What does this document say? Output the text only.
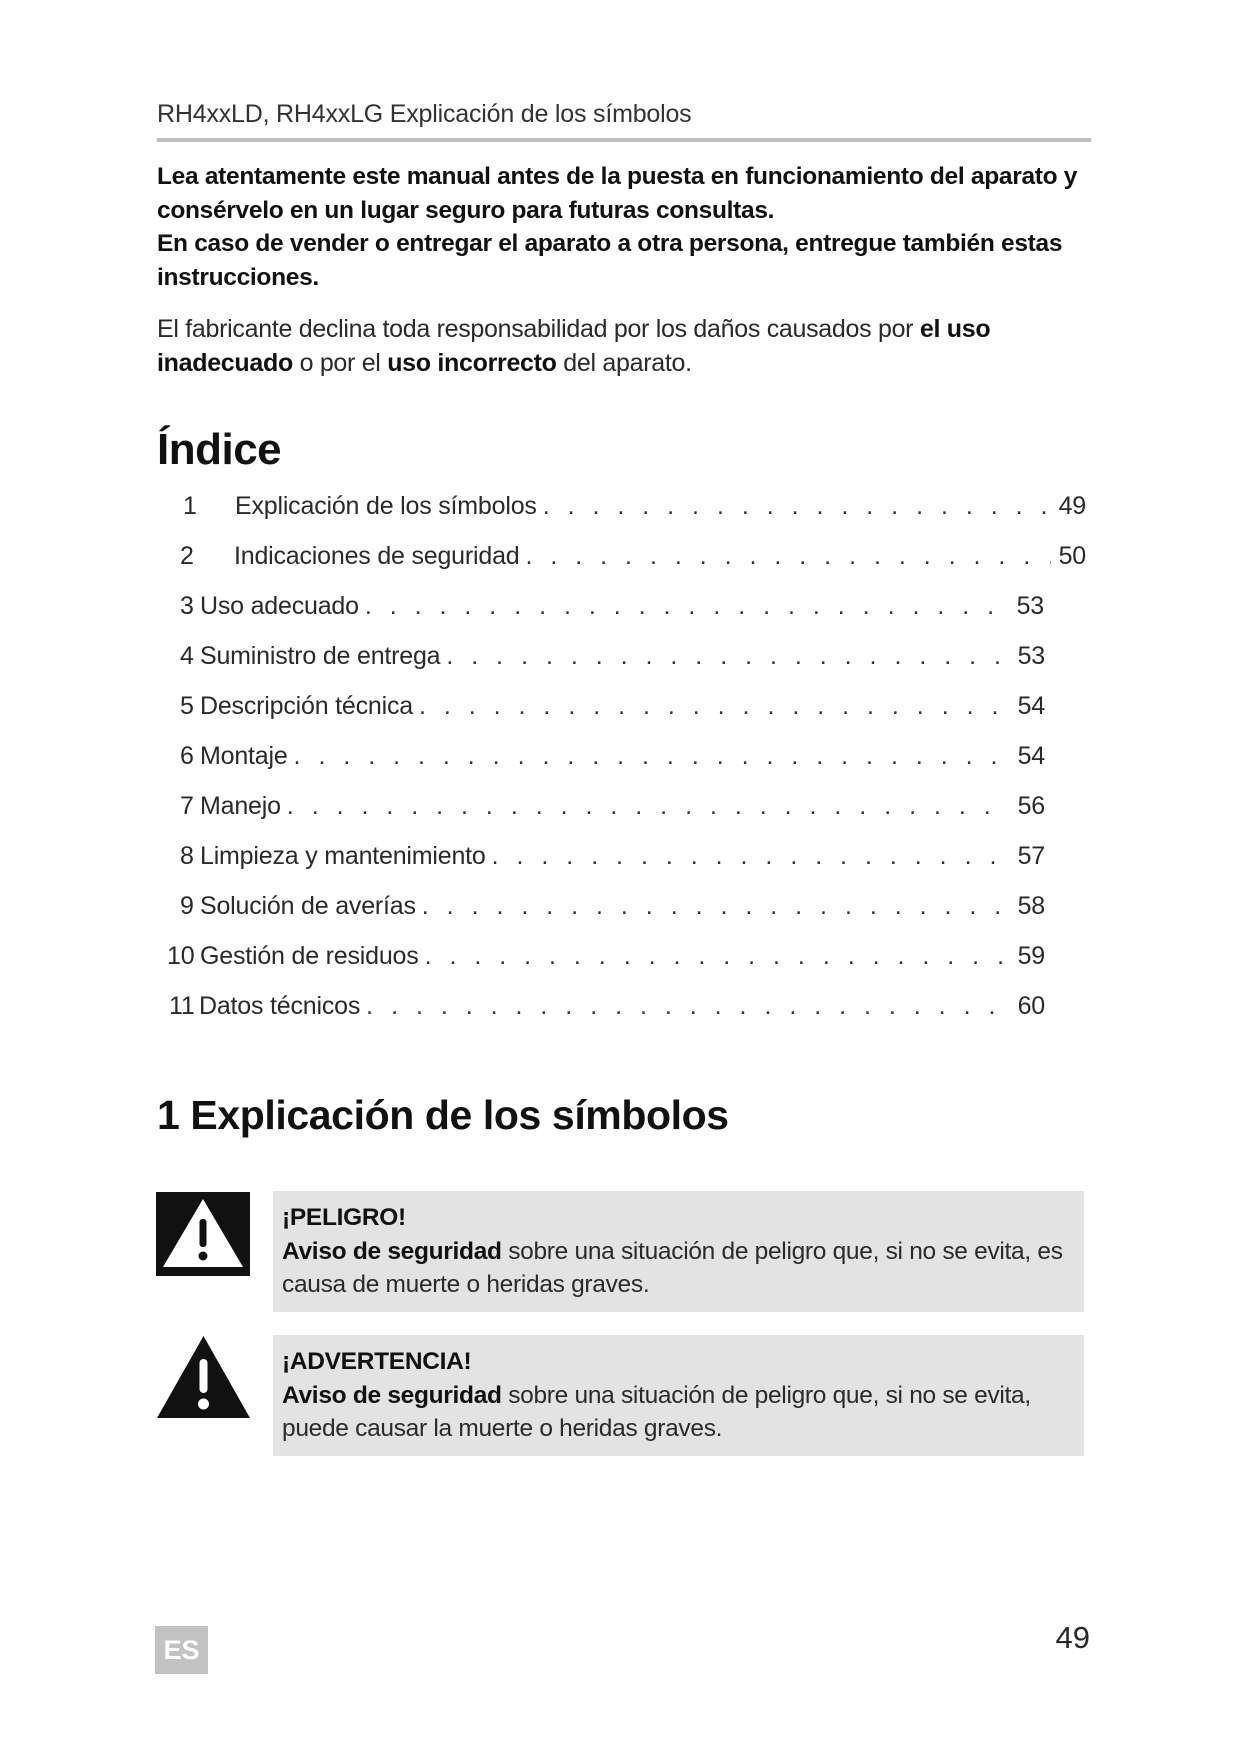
RH4xxLD, RH4xxLG Explicación de los símbolos

Lea atentamente este manual antes de la puesta en funcionamiento del aparato y consérvelo en un lugar seguro para futuras consultas.

En caso de vender o entregar el aparato a otra persona, entregue también estas instrucciones.

El fabricante declina toda responsabilidad por los daños causados por el uso inadecuado o por el uso incorrecto del aparato.

Índice
1	Explicación de los símbolos . . .	49
2	Indicaciones de seguridad . . .	50
3 Uso adecuado . . .	53
4 Suministro de entrega . . .	53
5 Descripción técnica . . .	54
6 Montaje . . .	54
7 Manejo . . .	56
8 Limpieza y mantenimiento . . .	57
9 Solución de averías . . .	58
10 Gestión de residuos . . .	59
11 Datos técnicos . . .	60
1 Explicación de los símbolos
¡PELIGRO!
Aviso de seguridad sobre una situación de peligro que, si no se evita, es causa de muerte o heridas graves.
¡ADVERTENCIA!
Aviso de seguridad sobre una situación de peligro que, si no se evita, puede causar la muerte o heridas graves.
ES	49
